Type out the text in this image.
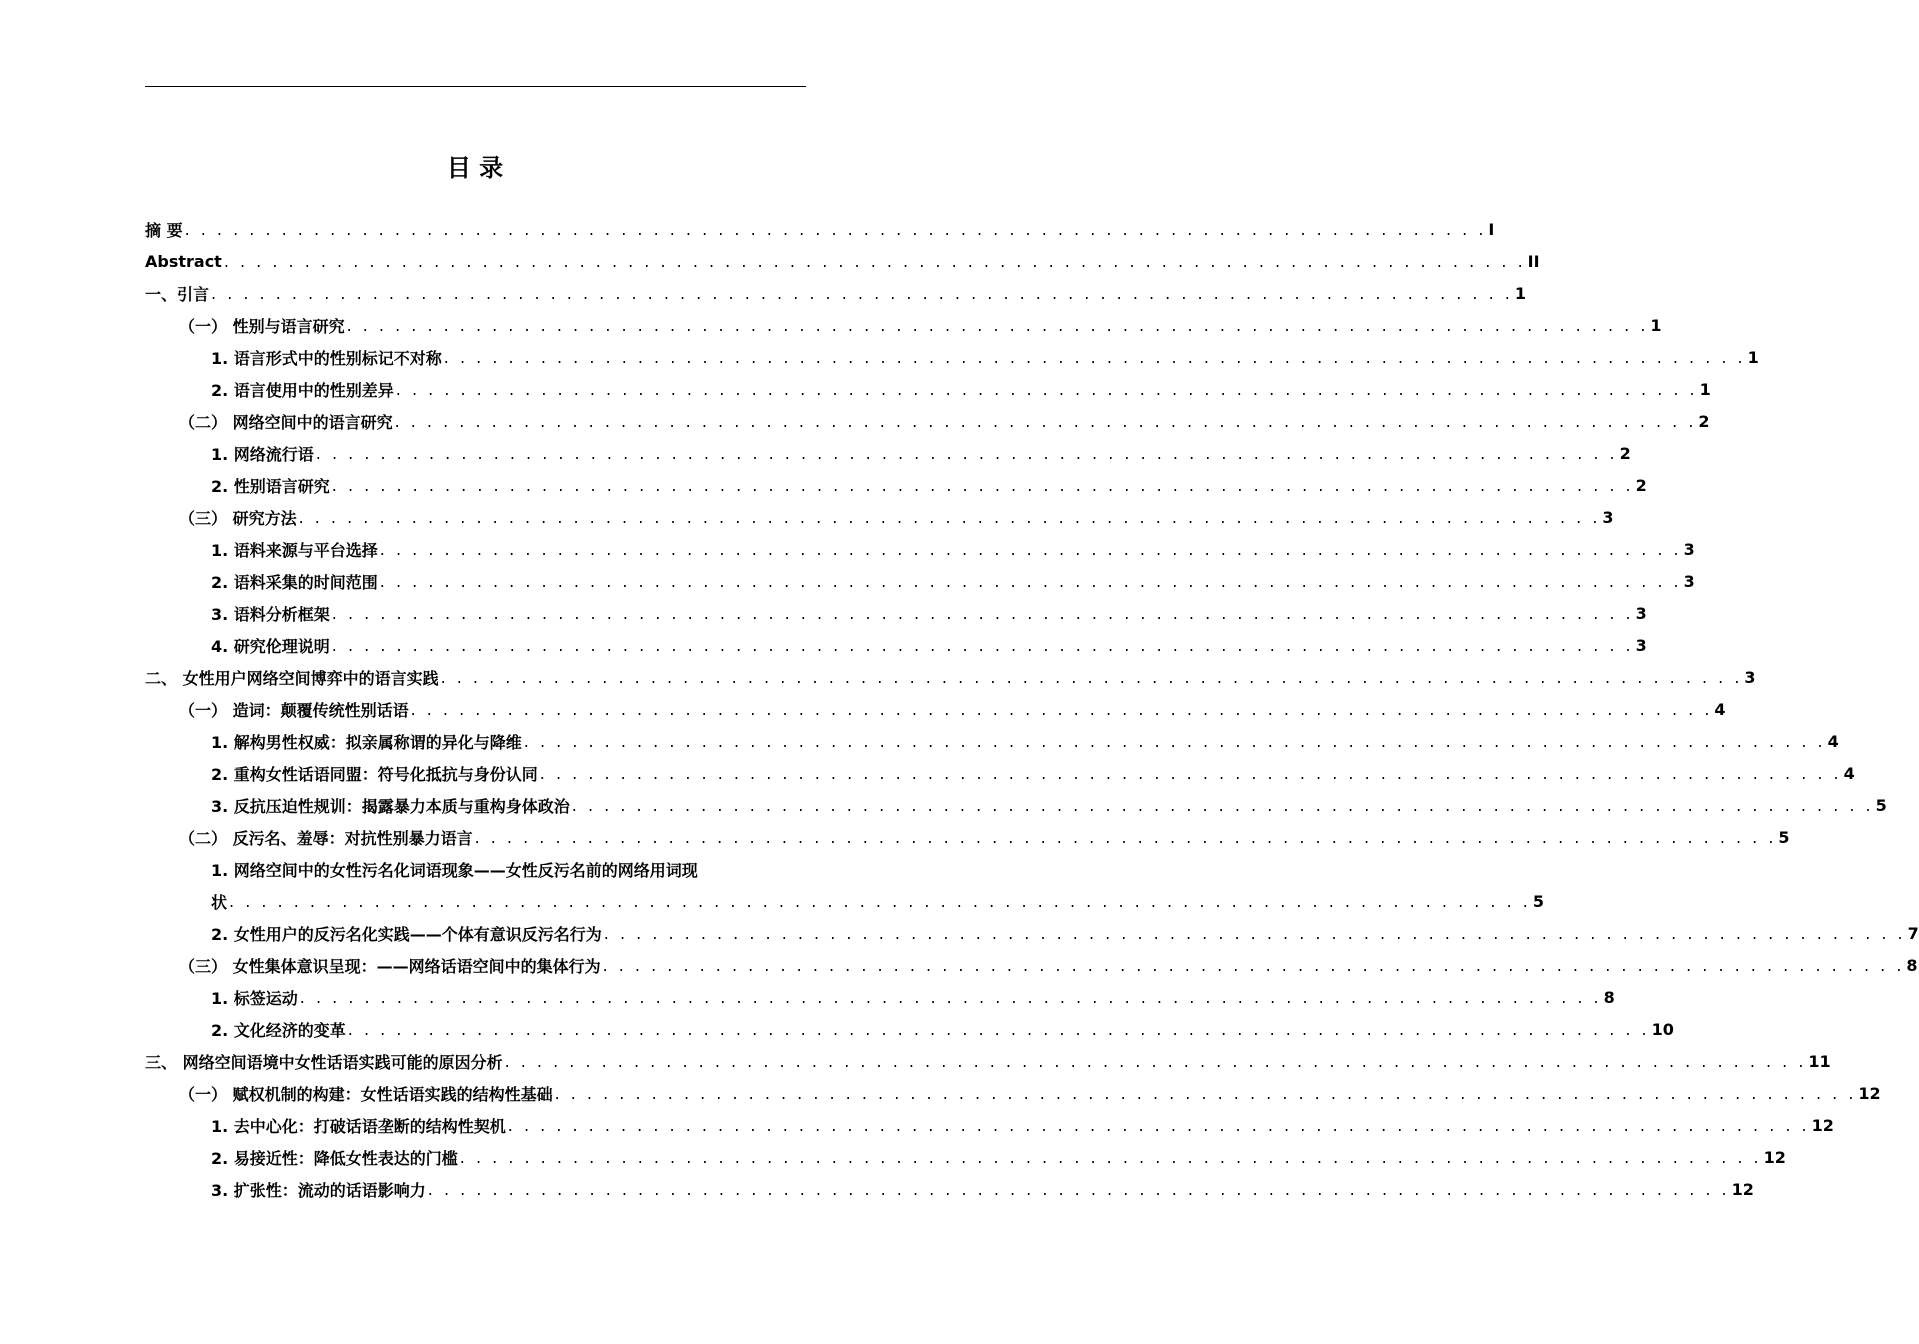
目 录
摘 要 . . . . . . . . . . . . . . . . . . . . . . . . . . . . . . . . . . . . . . . . . . . . . . . . . . . . . . . . . . . . . . . . . . . . . . . . . . . . . . . . . I
Abstract . . . . . . . . . . . . . . . . . . . . . . . . . . . . . . . . . . . . . . . . . . . . . . . . . . . . . . . . . . . . . . . . . . . . . . . . . . . . . . . . . II
一、引言 . . . . . . . . . . . . . . . . . . . . . . . . . . . . . . . . . . . . . . . . . . . . . . . . . . . . . . . . . . . . . . . . . . . . . . . . . . . . . . . . . 1
（一） 性别与语言研究 . . . . . . . . . . . . . . . . . . . . . . . . . . . . . . . . . . . . . . . . . . . . . . . . . . . . . . . . . . . . . . . . . . . . . . . . . . . . . . . . . 1
1. 语言形式中的性别标记不对称 . . . . . . . . . . . . . . . . . . . . . . . . . . . . . . . . . . . . . . . . . . . . . . . . . . . . . . . . . . . . . . . . . . . . . . . . . . . . . . . . . 1
2. 语言使用中的性别差异 . . . . . . . . . . . . . . . . . . . . . . . . . . . . . . . . . . . . . . . . . . . . . . . . . . . . . . . . . . . . . . . . . . . . . . . . . . . . . . . . . 1
（二） 网络空间中的语言研究 . . . . . . . . . . . . . . . . . . . . . . . . . . . . . . . . . . . . . . . . . . . . . . . . . . . . . . . . . . . . . . . . . . . . . . . . . . . . . . . . . 2
1. 网络流行语 . . . . . . . . . . . . . . . . . . . . . . . . . . . . . . . . . . . . . . . . . . . . . . . . . . . . . . . . . . . . . . . . . . . . . . . . . . . . . . . . . 2
2. 性别语言研究 . . . . . . . . . . . . . . . . . . . . . . . . . . . . . . . . . . . . . . . . . . . . . . . . . . . . . . . . . . . . . . . . . . . . . . . . . . . . . . . . . 2
（三） 研究方法 . . . . . . . . . . . . . . . . . . . . . . . . . . . . . . . . . . . . . . . . . . . . . . . . . . . . . . . . . . . . . . . . . . . . . . . . . . . . . . . . . 3
1. 语料来源与平台选择 . . . . . . . . . . . . . . . . . . . . . . . . . . . . . . . . . . . . . . . . . . . . . . . . . . . . . . . . . . . . . . . . . . . . . . . . . . . . . . . . . 3
2. 语料采集的时间范围 . . . . . . . . . . . . . . . . . . . . . . . . . . . . . . . . . . . . . . . . . . . . . . . . . . . . . . . . . . . . . . . . . . . . . . . . . . . . . . . . . 3
3. 语料分析框架 . . . . . . . . . . . . . . . . . . . . . . . . . . . . . . . . . . . . . . . . . . . . . . . . . . . . . . . . . . . . . . . . . . . . . . . . . . . . . . . . . 3
4. 研究伦理说明 . . . . . . . . . . . . . . . . . . . . . . . . . . . . . . . . . . . . . . . . . . . . . . . . . . . . . . . . . . . . . . . . . . . . . . . . . . . . . . . . . 3
二、 女性用户网络空间博弈中的语言实践 . . . . . . . . . . . . . . . . . . . . . . . . . . . . . . . . . . . . . . . . . . . . . . . . . . . . . . . . . . . . . . . . . . . . . . . . . . . . . . . . . 3
（一） 造词：颠覆传统性别话语 . . . . . . . . . . . . . . . . . . . . . . . . . . . . . . . . . . . . . . . . . . . . . . . . . . . . . . . . . . . . . . . . . . . . . . . . . . . . . . . . . 4
1. 解构男性权威：拟亲属称谓的异化与降维 . . . . . . . . . . . . . . . . . . . . . . . . . . . . . . . . . . . . . . . . . . . . . . . . . . . . . . . . . . . . . . . . . . . . . . . . . . . . . . . . . 4
2. 重构女性话语同盟：符号化抵抗与身份认同 . . . . . . . . . . . . . . . . . . . . . . . . . . . . . . . . . . . . . . . . . . . . . . . . . . . . . . . . . . . . . . . . . . . . . . . . . . . . . . . . . 4
3. 反抗压迫性规训：揭露暴力本质与重构身体政治 . . . . . . . . . . . . . . . . . . . . . . . . . . . . . . . . . . . . . . . . . . . . . . . . . . . . . . . . . . . . . . . . . . . . . . . . . . . . . . . . . 5
（二） 反污名、羞辱：对抗性别暴力语言 . . . . . . . . . . . . . . . . . . . . . . . . . . . . . . . . . . . . . . . . . . . . . . . . . . . . . . . . . . . . . . . . . . . . . . . . . . . . . . . . . 5
1. 网络空间中的女性污名化词语现象——女性反污名前的网络用词现
状 . . . . . . . . . . . . . . . . . . . . . . . . . . . . . . . . . . . . . . . . . . . . . . . . . . . . . . . . . . . . . . . . . . . . . . . . . . . . . . . . . 5
2. 女性用户的反污名化实践——个体有意识反污名行为 . . . . . . . . . . . . . . . . . . . . . . . . . . . . . . . . . . . . . . . . . . . . . . . . . . . . . . . . . . . . . . . . . . . . . . . . . . . . . . . . . 7
（三） 女性集体意识呈现：——网络话语空间中的集体行为 . . . . . . . . . . . . . . . . . . . . . . . . . . . . . . . . . . . . . . . . . . . . . . . . . . . . . . . . . . . . . . . . . . . . . . . . . . . . . . . . . 8
1. 标签运动 . . . . . . . . . . . . . . . . . . . . . . . . . . . . . . . . . . . . . . . . . . . . . . . . . . . . . . . . . . . . . . . . . . . . . . . . . . . . . . . . . 8
2. 文化经济的变革 . . . . . . . . . . . . . . . . . . . . . . . . . . . . . . . . . . . . . . . . . . . . . . . . . . . . . . . . . . . . . . . . . . . . . . . . . . . . . . . . . 10
三、 网络空间语境中女性话语实践可能的原因分析 . . . . . . . . . . . . . . . . . . . . . . . . . . . . . . . . . . . . . . . . . . . . . . . . . . . . . . . . . . . . . . . . . . . . . . . . . . . . . . . . . 11
（一） 赋权机制的构建：女性话语实践的结构性基础 . . . . . . . . . . . . . . . . . . . . . . . . . . . . . . . . . . . . . . . . . . . . . . . . . . . . . . . . . . . . . . . . . . . . . . . . . . . . . . . . . 12
1. 去中心化：打破话语垄断的结构性契机 . . . . . . . . . . . . . . . . . . . . . . . . . . . . . . . . . . . . . . . . . . . . . . . . . . . . . . . . . . . . . . . . . . . . . . . . . . . . . . . . . 12
2. 易接近性：降低女性表达的门槛 . . . . . . . . . . . . . . . . . . . . . . . . . . . . . . . . . . . . . . . . . . . . . . . . . . . . . . . . . . . . . . . . . . . . . . . . . . . . . . . . . 12
3. 扩张性：流动的话语影响力 . . . . . . . . . . . . . . . . . . . . . . . . . . . . . . . . . . . . . . . . . . . . . . . . . . . . . . . . . . . . . . . . . . . . . . . . . . . . . . . . . 12
